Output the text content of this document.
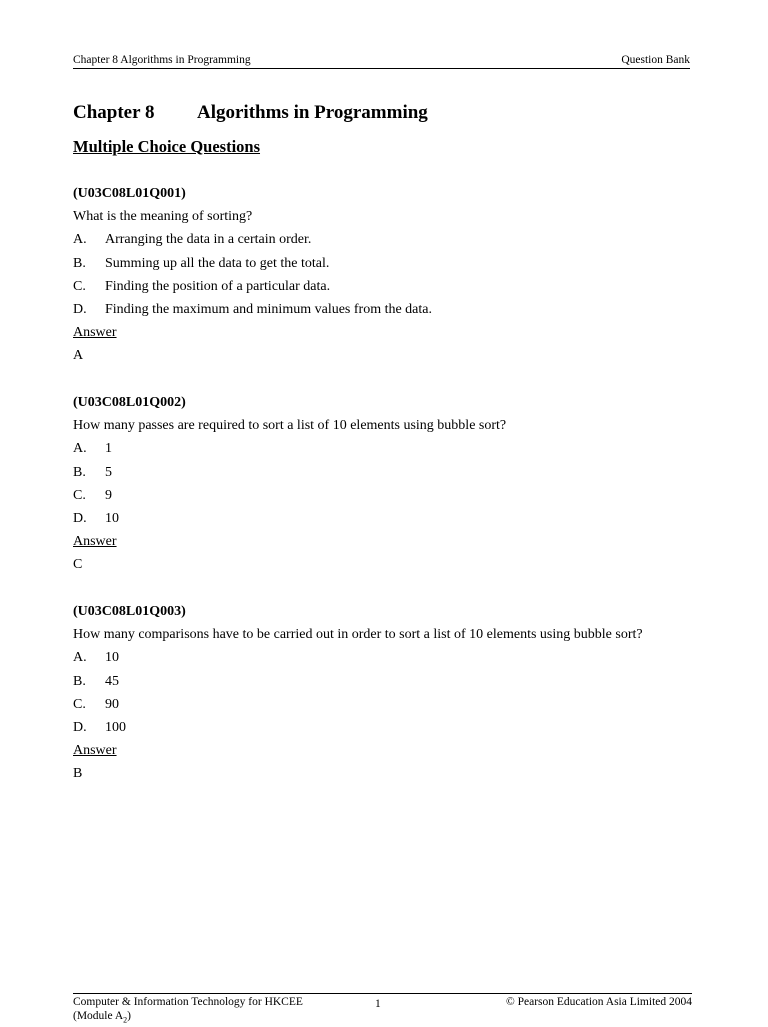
Chapter 8 Algorithms in Programming	Question Bank
Chapter 8 Algorithms in Programming
Multiple Choice Questions
(U03C08L01Q001)
What is the meaning of sorting?
A. Arranging the data in a certain order.
B. Summing up all the data to get the total.
C. Finding the position of a particular data.
D. Finding the maximum and minimum values from the data.
Answer
A
(U03C08L01Q002)
How many passes are required to sort a list of 10 elements using bubble sort?
A. 1
B. 5
C. 9
D. 10
Answer
C
(U03C08L01Q003)
How many comparisons have to be carried out in order to sort a list of 10 elements using bubble sort?
A. 10
B. 45
C. 90
D. 100
Answer
B
Computer & Information Technology for HKCEE
(Module $A_2$)
1	© Pearson Education Asia Limited 2004
